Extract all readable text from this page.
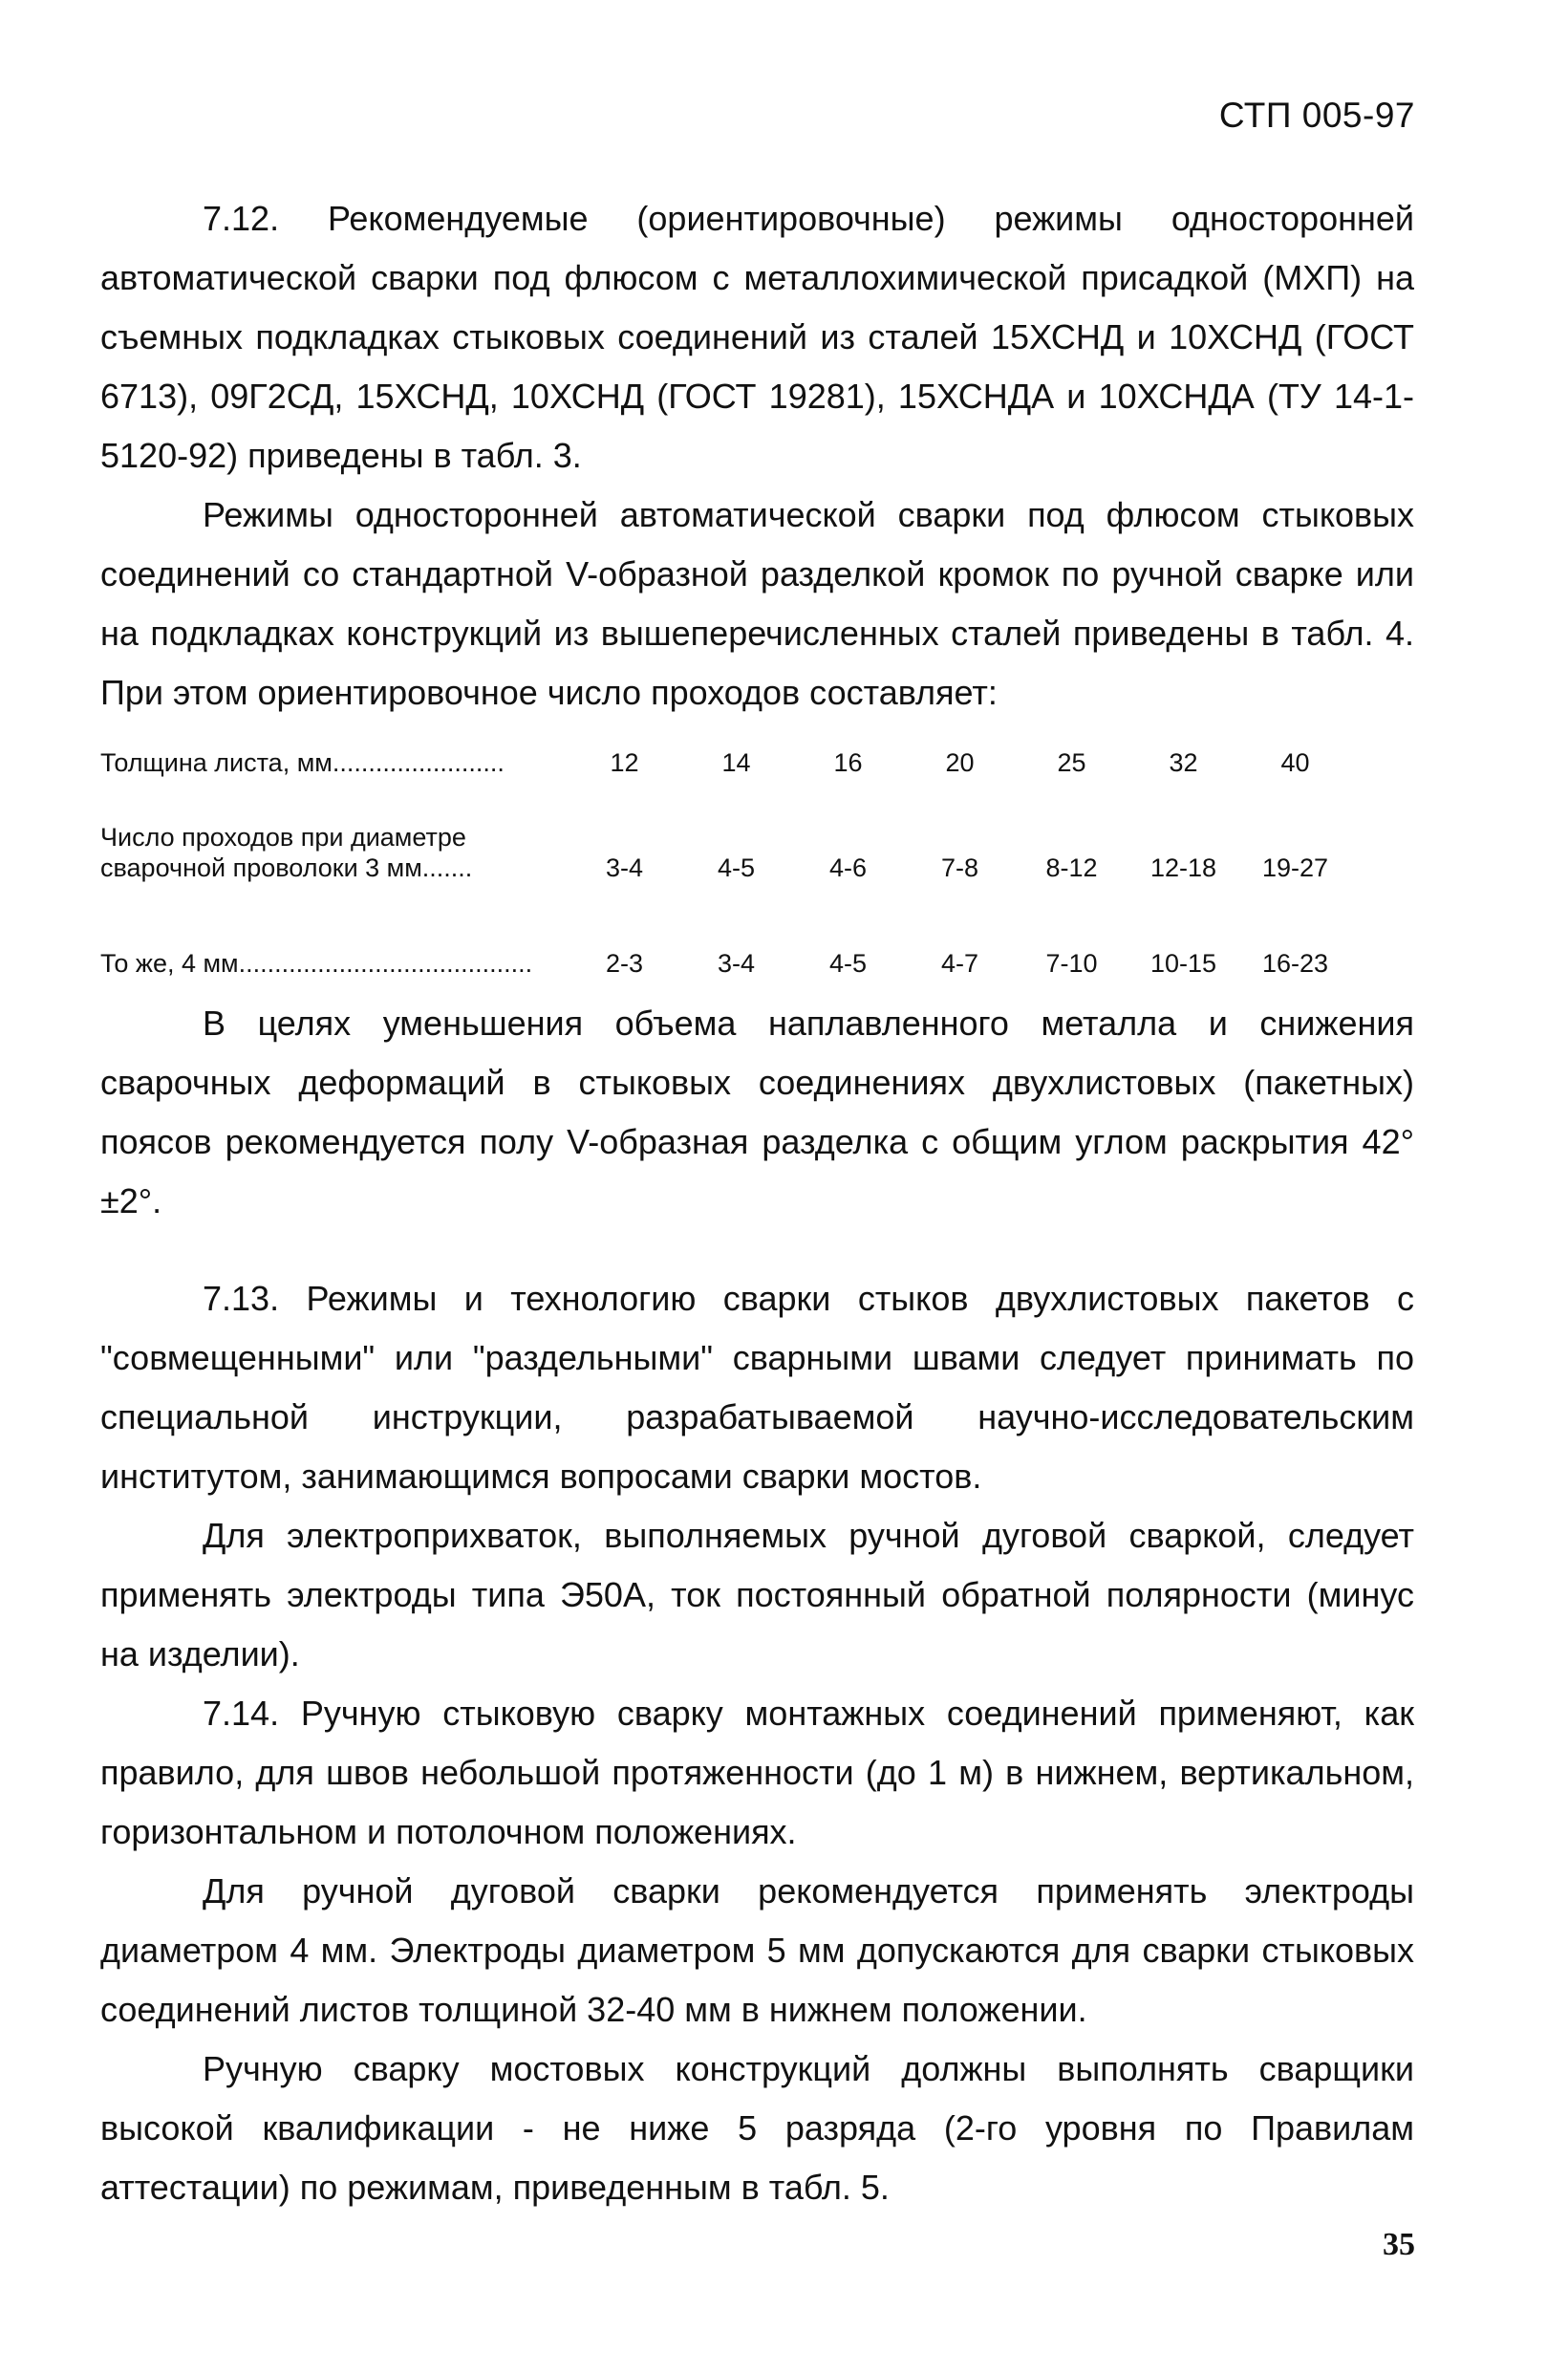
СТП 005-97

7.12. Рекомендуемые (ориентировочные) режимы односторонней автоматической сварки под флюсом с металлохимической присадкой (МХП) на съемных подкладках стыковых соединений из сталей 15ХСНД и 10ХСНД (ГОСТ 6713), 09Г2СД, 15ХСНД, 10ХСНД (ГОСТ 19281), 15ХСНДА и 10ХСНДА (ТУ 14-1-5120-92) приведены в табл. 3.

Режимы односторонней автоматической сварки под флюсом стыковых соединений со стандартной V-образной разделкой кромок по ручной сварке или на подкладках конструкций из вышеперечисленных сталей приведены в табл. 4. При этом ориентировочное число проходов составляет:

Толщина листа, мм........................	12	14	16	20	25	32	40

Число проходов при диаметре
сварочной проволоки 3 мм.......	3-4	4-5	4-6	7-8	8-12	12-18	19-27
То же, 4 мм.........................................	2-3	3-4	4-5	4-7	7-10	10-15	16-23

В целях уменьшения объема наплавленного металла и снижения сварочных деформаций в стыковых соединениях двухлистовых (пакетных) поясов рекомендуется полу V-образная разделка с общим углом раскрытия 42° ±2°.

7.13. Режимы и технологию сварки стыков двухлистовых пакетов с "совмещенными" или "раздельными" сварными швами следует принимать по специальной инструкции, разрабатываемой научно-исследовательским институтом, занимающимся вопросами сварки мостов.

Для электроприхваток, выполняемых ручной дуговой сваркой, следует применять электроды типа Э50А, ток постоянный обратной полярности (минус на изделии).

7.14. Ручную стыковую сварку монтажных соединений применяют, как правило, для швов небольшой протяженности (до 1 м) в нижнем, вертикальном, горизонтальном и потолочном положениях.

Для ручной дуговой сварки рекомендуется применять электроды диаметром 4 мм. Электроды диаметром 5 мм допускаются для сварки стыковых соединений листов толщиной 32-40 мм в нижнем положении.

Ручную сварку мостовых конструкций должны выполнять сварщики высокой квалификации - не ниже 5 разряда (2-го уровня по Правилам аттестации) по режимам, приведенным в табл. 5.

35
